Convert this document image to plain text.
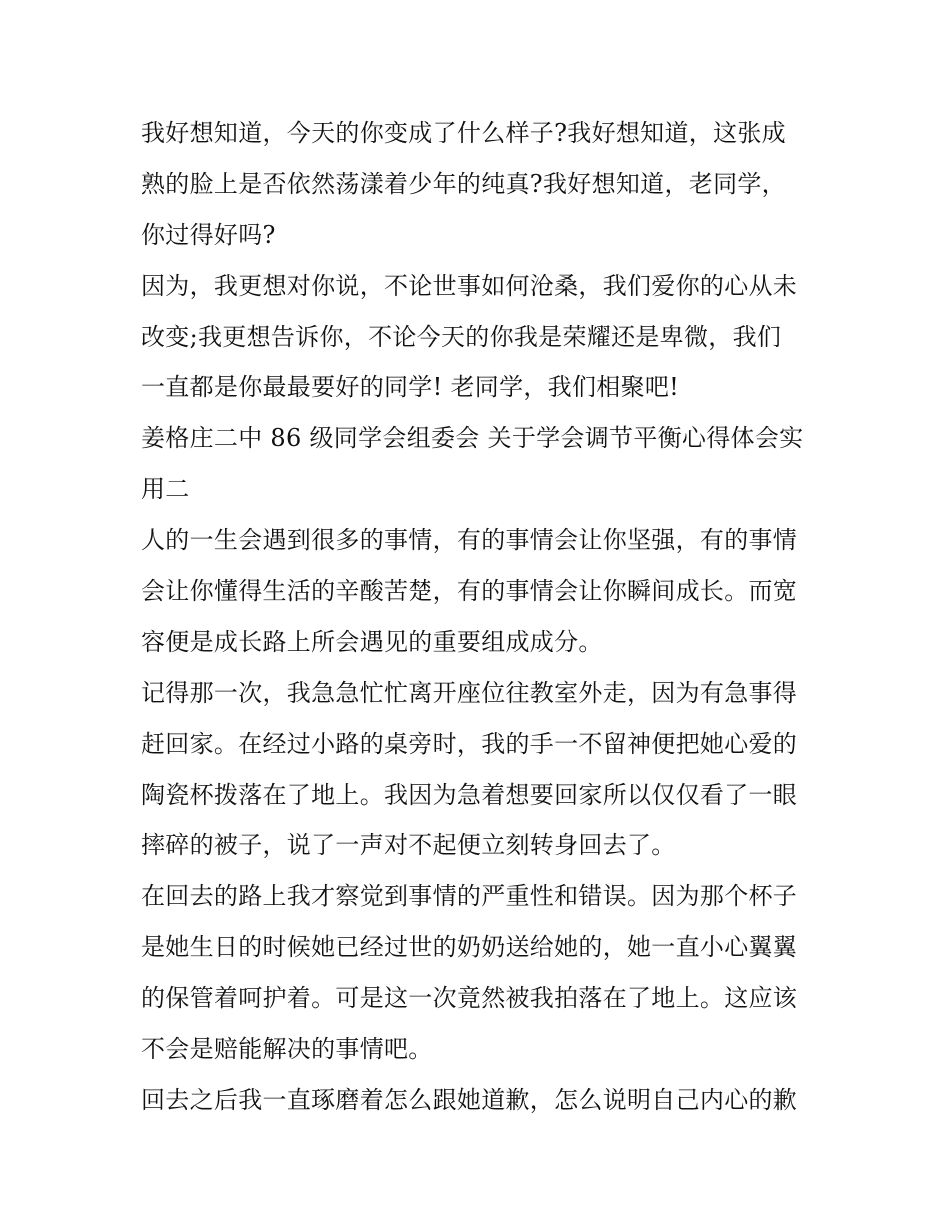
我好想知道，今天的你变成了什么样子?我好想知道，这张成
熟的脸上是否依然荡漾着少年的纯真?我好想知道，老同学，
你过得好吗?
因为，我更想对你说，不论世事如何沧桑，我们爱你的心从未
改变;我更想告诉你，不论今天的你我是荣耀还是卑微，我们
一直都是你最最要好的同学! 老同学，我们相聚吧!
姜格庄二中 86 级同学会组委会 关于学会调节平衡心得体会实
用二
人的一生会遇到很多的事情，有的事情会让你坚强，有的事情
会让你懂得生活的辛酸苦楚，有的事情会让你瞬间成长。而宽
容便是成长路上所会遇见的重要组成成分。
记得那一次，我急急忙忙离开座位往教室外走，因为有急事得
赶回家。在经过小路的桌旁时，我的手一不留神便把她心爱的
陶瓷杯拨落在了地上。我因为急着想要回家所以仅仅看了一眼
摔碎的被子，说了一声对不起便立刻转身回去了。
在回去的路上我才察觉到事情的严重性和错误。因为那个杯子
是她生日的时候她已经过世的奶奶送给她的，她一直小心翼翼
的保管着呵护着。可是这一次竟然被我拍落在了地上。这应该
不会是赔能解决的事情吧。
回去之后我一直琢磨着怎么跟她道歉，怎么说明自己内心的歉
